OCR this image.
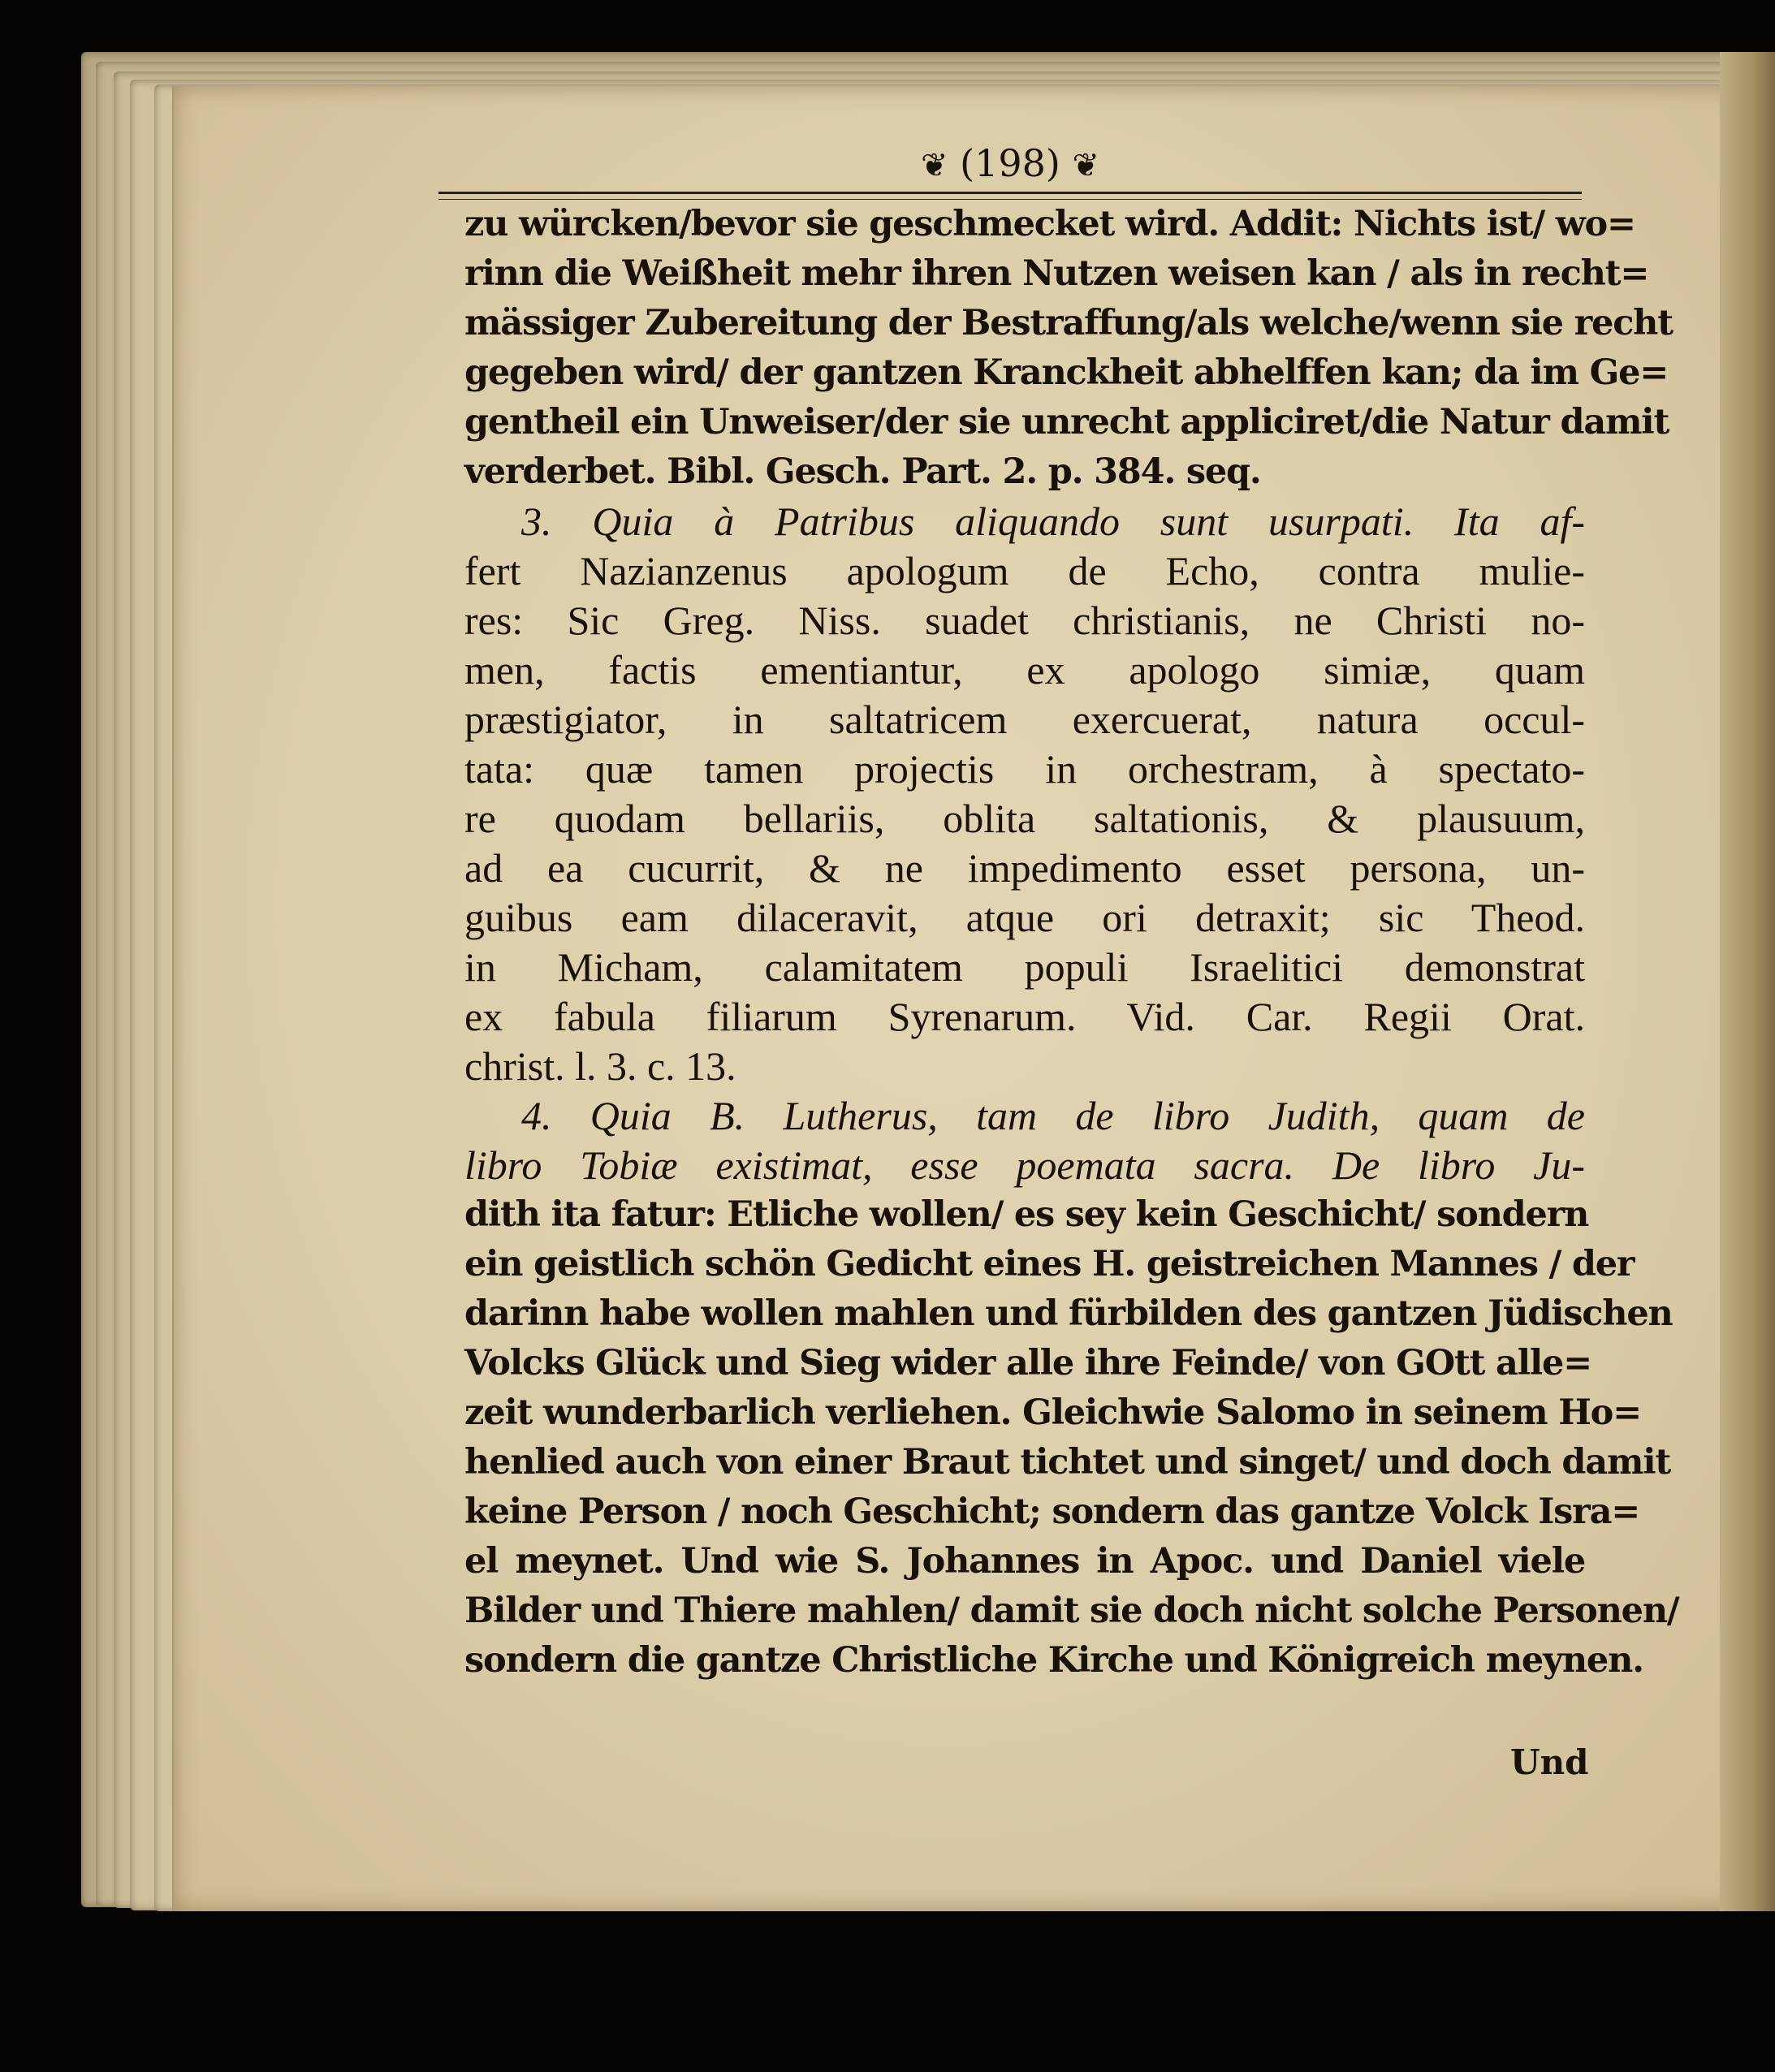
❦ (198) ❦
zu würcken/bevor sie geschmecket wird. Addit: Nichts ist/ wo=
rinn die Weißheit mehr ihren Nutzen weisen kan / als in recht=
mässiger Zubereitung der Bestraffung/als welche/wenn sie recht
gegeben wird/ der gantzen Kranckheit abhelffen kan; da im Ge=
gentheil ein Unweiser/der sie unrecht appliciret/die Natur damit
verderbet. Bibl. Gesch. Part. 2. p. 384. seq.
3. Quia à Patribus aliquando sunt usurpati. Ita af-
fert Nazianzenus apologum de Echo, contra mulie-
res: Sic Greg. Niss. suadet christianis, ne Christi no-
men, factis ementiantur, ex apologo simiæ, quam
præstigiator, in saltatricem exercuerat, natura occul-
tata: quæ tamen projectis in orchestram, à spectato-
re quodam bellariis, oblita saltationis, & plausuum,
ad ea cucurrit, & ne impedimento esset persona, un-
guibus eam dilaceravit, atque ori detraxit; sic Theod.
in Micham, calamitatem populi Israelitici demonstrat
ex fabula filiarum Syrenarum. Vid. Car. Regii Orat.
christ. l. 3. c. 13.
4. Quia B. Lutherus, tam de libro Judith, quam de
libro Tobiæ existimat, esse poemata sacra. De libro Ju-
dith ita fatur: Etliche wollen/ es sey kein Geschicht/ sondern
ein geistlich schön Gedicht eines H. geistreichen Mannes / der
darinn habe wollen mahlen und fürbilden des gantzen Jüdischen
Volcks Glück und Sieg wider alle ihre Feinde/ von GOtt alle=
zeit wunderbarlich verliehen. Gleichwie Salomo in seinem Ho=
henlied auch von einer Braut tichtet und singet/ und doch damit
keine Person / noch Geschicht; sondern das gantze Volck Isra=
el meynet. Und wie S. Johannes in Apoc. und Daniel viele
Bilder und Thiere mahlen/ damit sie doch nicht solche Personen/
sondern die gantze Christliche Kirche und Königreich meynen.
Und
